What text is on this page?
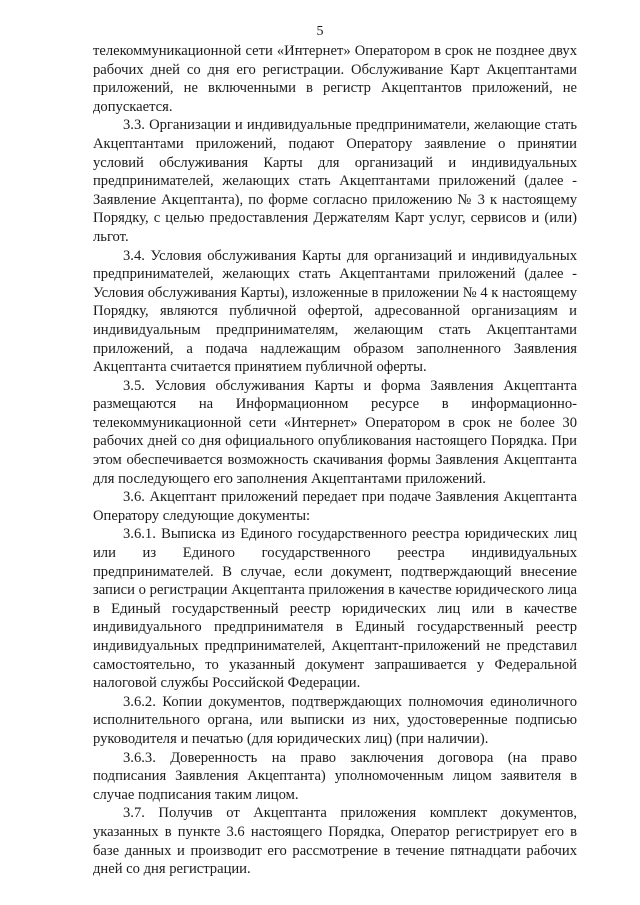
5

телекоммуникационной сети «Интернет» Оператором в срок не позднее двух рабочих дней со дня его регистрации. Обслуживание Карт Акцептантами приложений, не включенными в регистр Акцептантов приложений, не допускается.

3.3. Организации и индивидуальные предприниматели, желающие стать Акцептантами приложений, подают Оператору заявление о принятии условий обслуживания Карты для организаций и индивидуальных предпринимателей, желающих стать Акцептантами приложений (далее - Заявление Акцептанта), по форме согласно приложению № 3 к настоящему Порядку, с целью предоставления Держателям Карт услуг, сервисов и (или) льгот.

3.4. Условия обслуживания Карты для организаций и индивидуальных предпринимателей, желающих стать Акцептантами приложений (далее - Условия обслуживания Карты), изложенные в приложении № 4 к настоящему Порядку, являются публичной офертой, адресованной организациям и индивидуальным предпринимателям, желающим стать Акцептантами приложений, а подача надлежащим образом заполненного Заявления Акцептанта считается принятием публичной оферты.

3.5. Условия обслуживания Карты и форма Заявления Акцептанта размещаются на Информационном ресурсе в информационно-телекоммуникационной сети «Интернет» Оператором в срок не более 30 рабочих дней со дня официального опубликования настоящего Порядка. При этом обеспечивается возможность скачивания формы Заявления Акцептанта для последующего его заполнения Акцептантами приложений.

3.6. Акцептант приложений передает при подаче Заявления Акцептанта Оператору следующие документы:

3.6.1. Выписка из Единого государственного реестра юридических лиц или из Единого государственного реестра индивидуальных предпринимателей. В случае, если документ, подтверждающий внесение записи о регистрации Акцептанта приложения в качестве юридического лица в Единый государственный реестр юридических лиц или в качестве индивидуального предпринимателя в Единый государственный реестр индивидуальных предпринимателей, Акцептант-приложений не представил самостоятельно, то указанный документ запрашивается у Федеральной налоговой службы Российской Федерации.

3.6.2. Копии документов, подтверждающих полномочия единоличного исполнительного органа, или выписки из них, удостоверенные подписью руководителя и печатью (для юридических лиц) (при наличии).

3.6.3. Доверенность на право заключения договора (на право подписания Заявления Акцептанта) уполномоченным лицом заявителя в случае подписания таким лицом.

3.7. Получив от Акцептанта приложения комплект документов, указанных в пункте 3.6 настоящего Порядка, Оператор регистрирует его в базе данных и производит его рассмотрение в течение пятнадцати рабочих дней со дня регистрации.
